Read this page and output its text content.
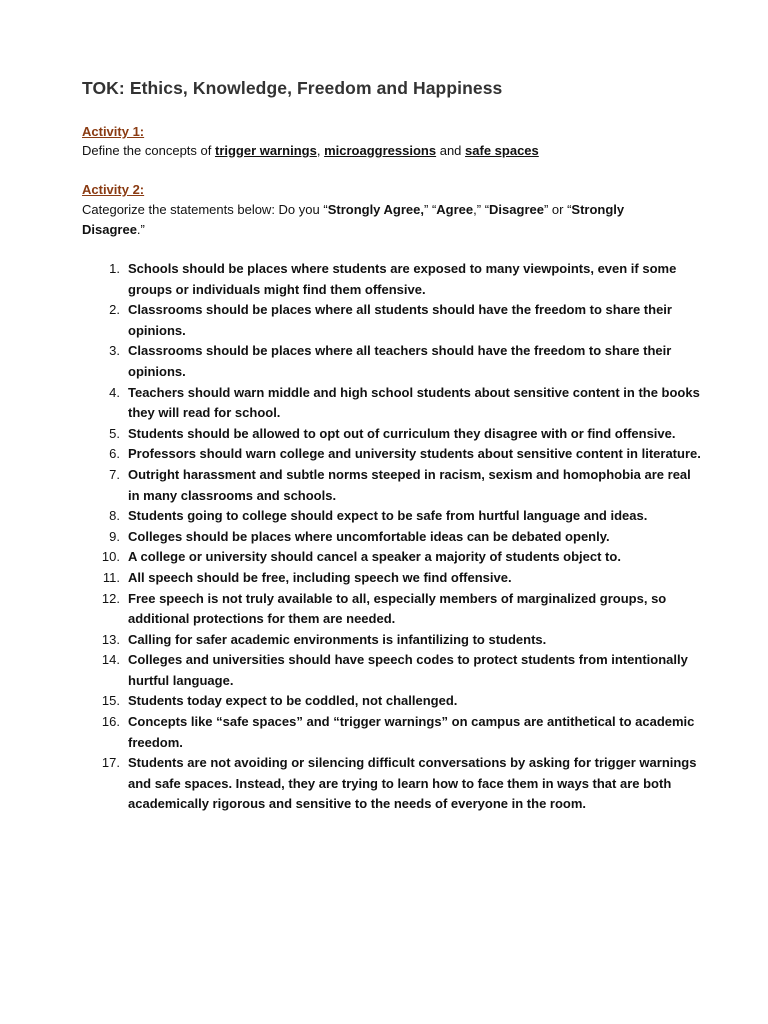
TOK: Ethics, Knowledge, Freedom and Happiness
Activity 1:
Define the concepts of trigger warnings, microaggressions and safe spaces
Activity 2:
Categorize the statements below: Do you “Strongly Agree,” “Agree,” “Disagree” or “Strongly
Disagree.”
1. Schools should be places where students are exposed to many viewpoints, even if some groups or individuals might find them offensive.
2. Classrooms should be places where all students should have the freedom to share their opinions.
3. Classrooms should be places where all teachers should have the freedom to share their opinions.
4. Teachers should warn middle and high school students about sensitive content in the books they will read for school.
5. Students should be allowed to opt out of curriculum they disagree with or find offensive.
6. Professors should warn college and university students about sensitive content in literature.
7. Outright harassment and subtle norms steeped in racism, sexism and homophobia are real in many classrooms and schools.
8. Students going to college should expect to be safe from hurtful language and ideas.
9. Colleges should be places where uncomfortable ideas can be debated openly.
10. A college or university should cancel a speaker a majority of students object to.
11. All speech should be free, including speech we find offensive.
12. Free speech is not truly available to all, especially members of marginalized groups, so additional protections for them are needed.
13. Calling for safer academic environments is infantilizing to students.
14. Colleges and universities should have speech codes to protect students from intentionally hurtful language.
15. Students today expect to be coddled, not challenged.
16. Concepts like “safe spaces” and “trigger warnings” on campus are antithetical to academic freedom.
17. Students are not avoiding or silencing difficult conversations by asking for trigger warnings and safe spaces. Instead, they are trying to learn how to face them in ways that are both academically rigorous and sensitive to the needs of everyone in the room.
